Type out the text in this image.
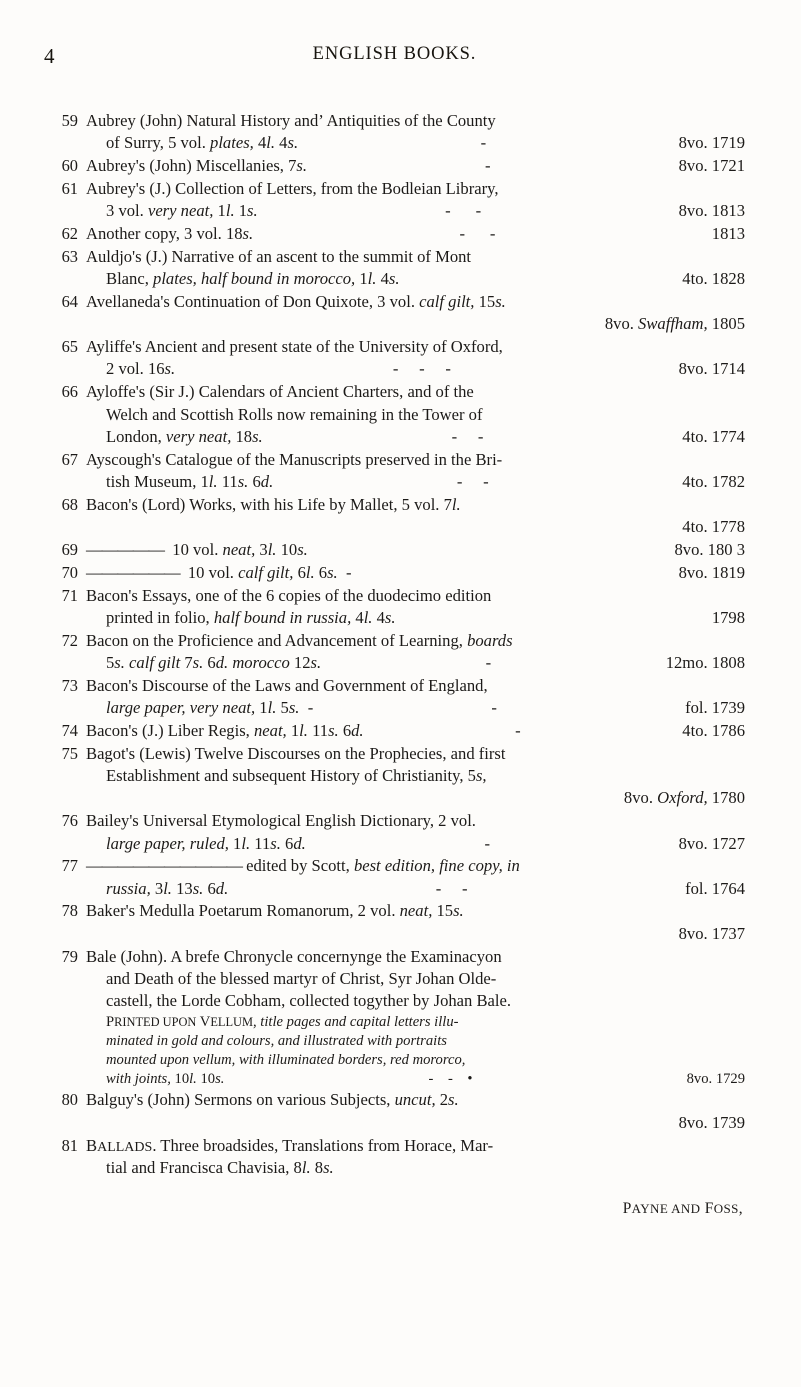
4	ENGLISH BOOKS.
59 Aubrey (John) Natural History and’ Antiquities of the County
of Surry, 5 vol. plates, 4l. 4s.	-	8vo. 1719
60 Aubrey's (John) Miscellanies, 7s.	-	8vo. 1721
61 Aubrey's (J.) Collection of Letters, from the Bodleian Library,
3 vol. very neat, 1l. 1s.	-      -	8vo. 1813
62 Another copy, 3 vol. 18s.	-      -	1813
63 Auldjo's (J.) Narrative of an ascent to the summit of Mont
Blanc, plates, half bound in morocco, 1l. 4s.	4to. 1828
64 Avellaneda's Continuation of Don Quixote, 3 vol. calf gilt, 15s.
8vo. Swaffham, 1805
65 Ayliffe's Ancient and present state of the University of Oxford,
2 vol. 16s.	-     -     -	8vo. 1714
66 Ayloffe's (Sir J.) Calendars of Ancient Charters, and of the
Welch and Scottish Rolls now remaining in the Tower of
London, very neat, 18s.	-     -	4to. 1774
67 Ayscough's Catalogue of the Manuscripts preserved in the Bri-
tish Museum, 1l. 11s. 6d.	-     -	4to. 1782
68 Bacon's (Lord) Works, with his Life by Mallet, 5 vol. 7l.
4to. 1778
69 —————  10 vol. neat, 3l. 10s.	8vo. 180 3
70 ——————  10 vol. calf gilt, 6l. 6s.  -	8vo. 1819
71 Bacon's Essays, one of the 6 copies of the duodecimo edition
printed in folio, half bound in russia, 4l. 4s.	1798
72 Bacon on the Proficience and Advancement of Learning, boards
5s. calf gilt 7s. 6d. morocco 12s.	-	12mo. 1808
73 Bacon's Discourse of the Laws and Government of England,
large paper, very neat, 1l. 5s.  -	-	fol. 1739
74 Bacon's (J.) Liber Regis, neat, 1l. 11s. 6d.	-	4to. 1786
75 Bagot's (Lewis) Twelve Discourses on the Prophecies, and first
Establishment and subsequent History of Christianity, 5s,
8vo. Oxford, 1780
76 Bailey's Universal Etymological English Dictionary, 2 vol.
large paper, ruled, 1l. 11s. 6d.	-	8vo. 1727
77 —————————— edited by Scott, best edition, fine copy, in
russia, 3l. 13s. 6d.	-     -	fol. 1764
78 Baker's Medulla Poetarum Romanorum, 2 vol. neat, 15s.
8vo. 1737
79 Bale (John). A brefe Chronycle concernynge the Examinacyon
and Death of the blessed martyr of Christ, Syr Johan Olde-
castell, the Lorde Cobham, collected togyther by Johan Bale.
PRINTED UPON VELLUM, title pages and capital letters illu-
minated in gold and colours, and illustrated with portraits
mounted upon vellum, with illuminated borders, red mororco,
with joints, 10l. 10s.	-    -    •	8vo. 1729
80 Balguy's (John) Sermons on various Subjects, uncut, 2s.
8vo. 1739
81 BALLADS. Three broadsides, Translations from Horace, Mar-
tial and Francisca Chavisia, 8l. 8s.
PAYNE AND FOSS,
